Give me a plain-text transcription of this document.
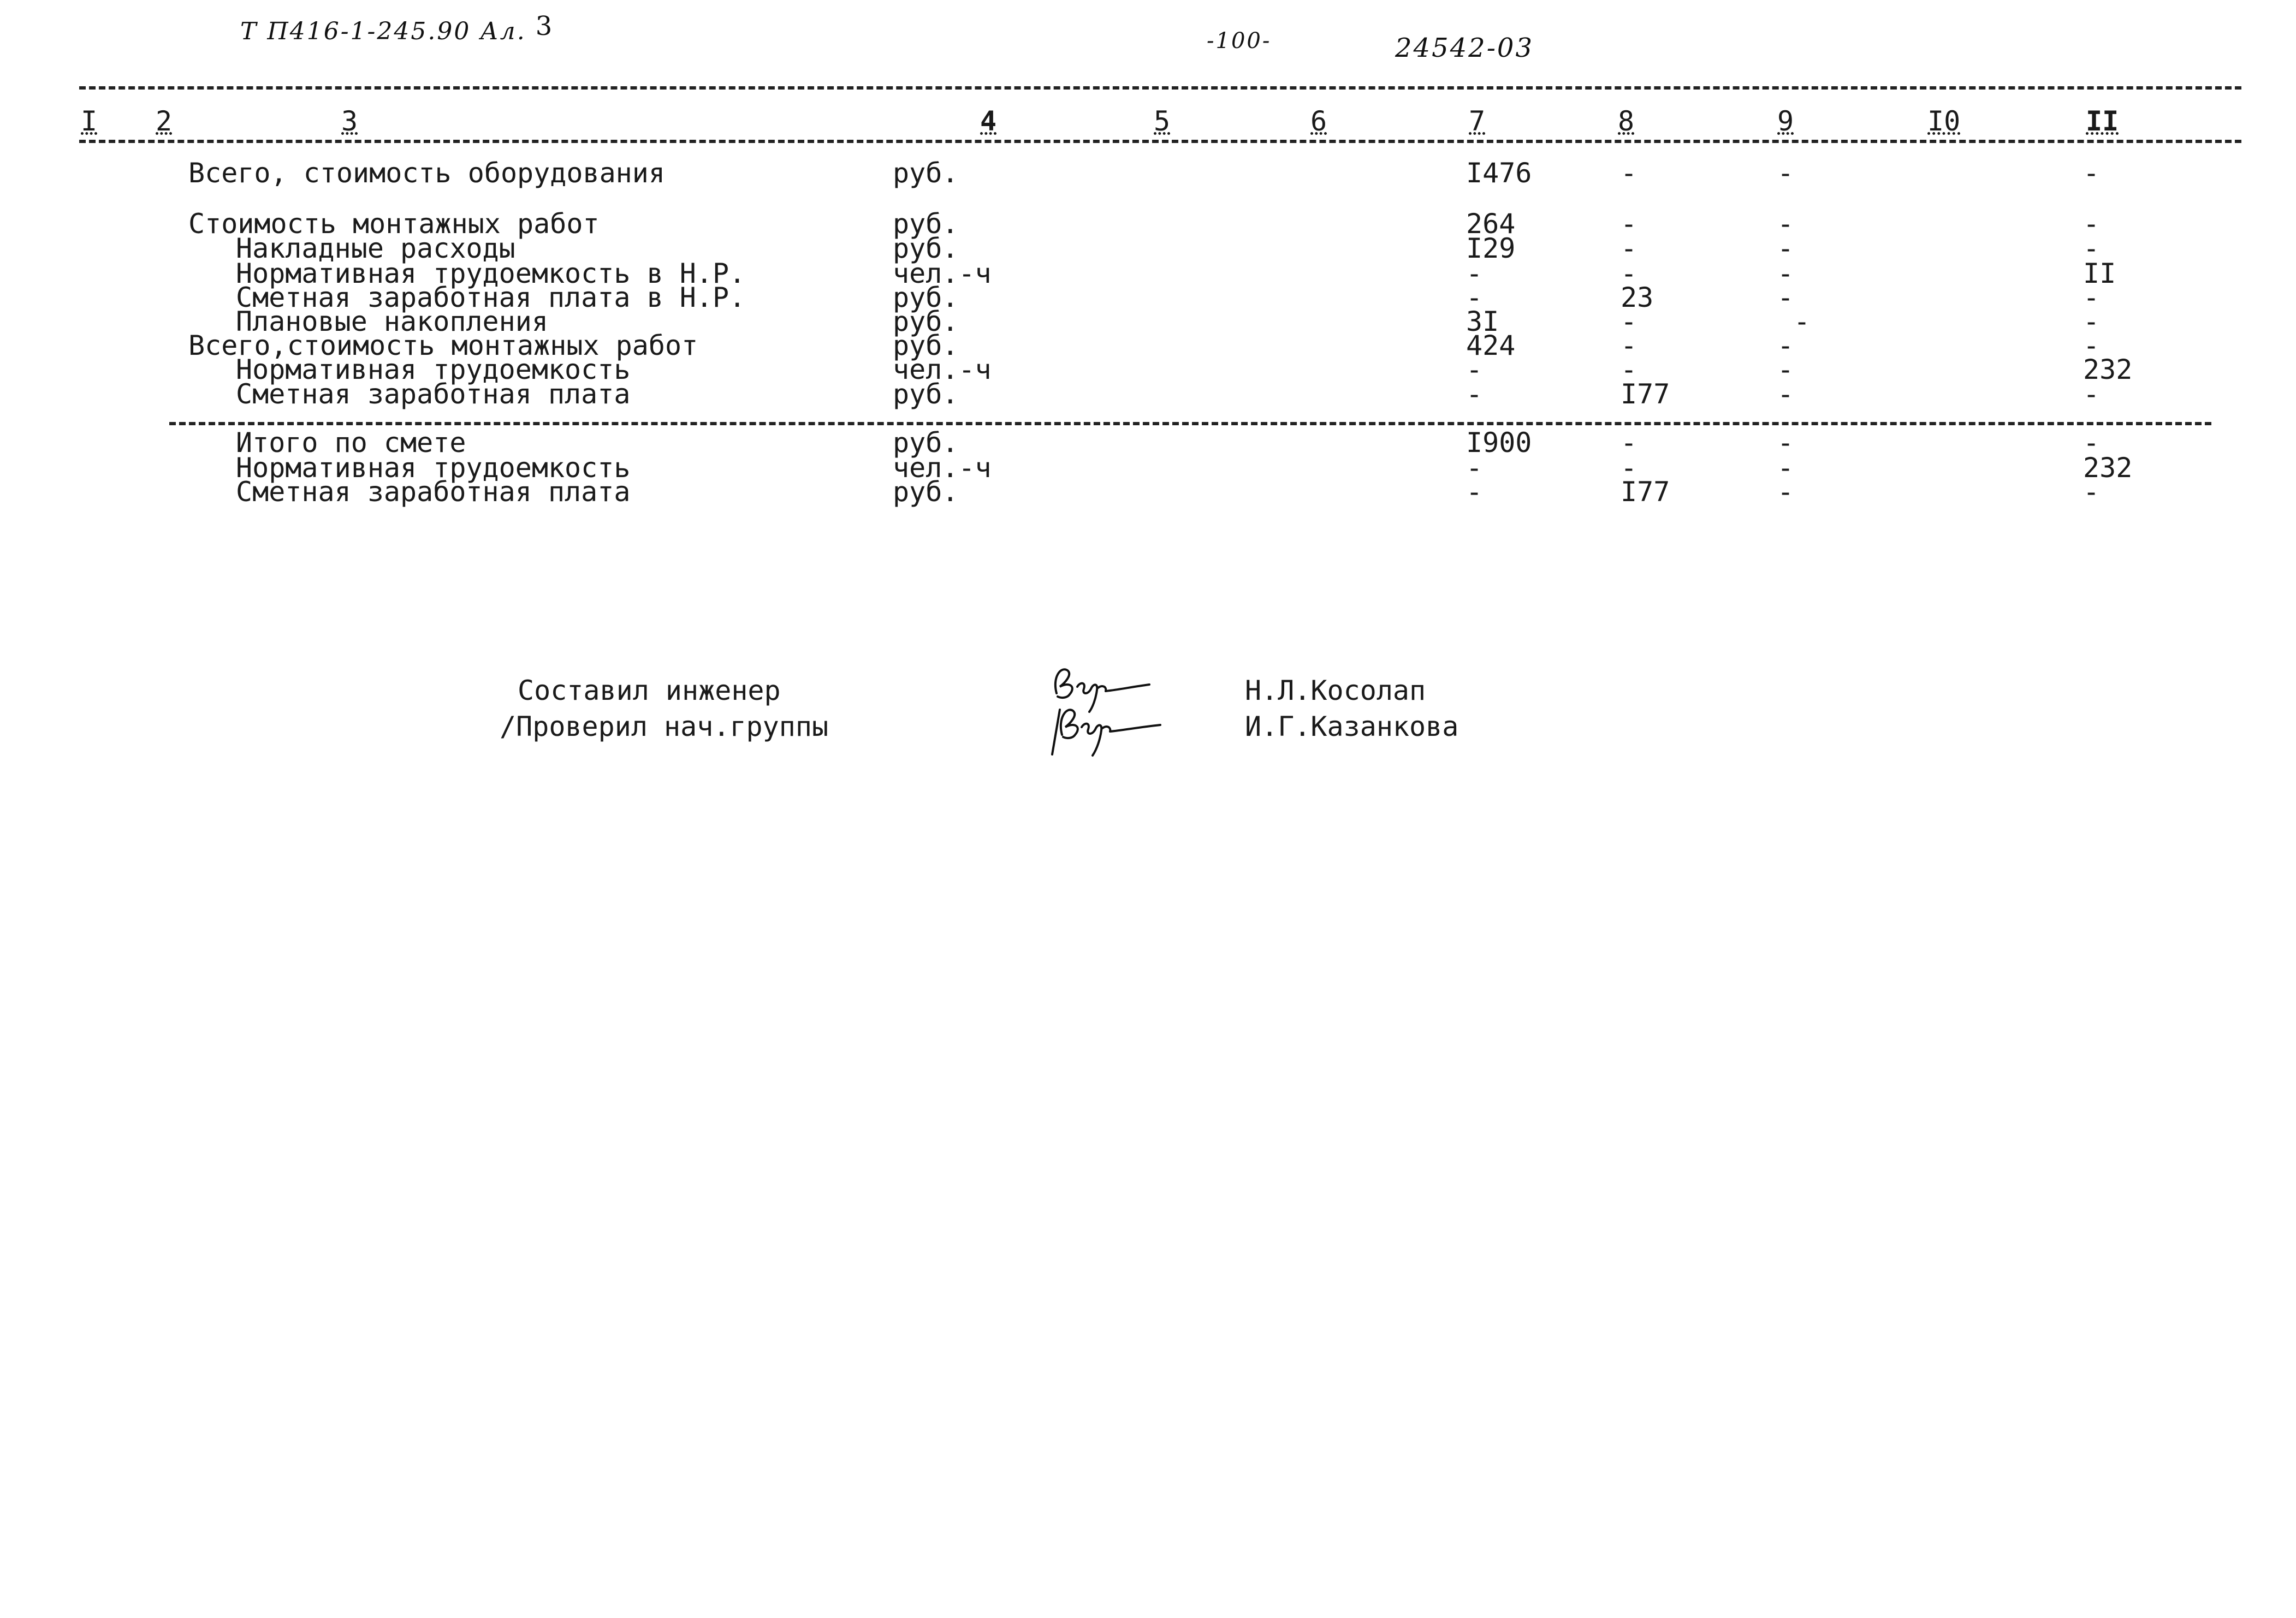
Т П416-1-245.90 Ал. 3	-100-	24542-03
I 2	3	4	5	6	7	8	9	I0	II
Всего, стоимость оборудования	руб.	I476	-	-	-
Стоимость монтажных работ	руб.	264	-	-	-
Накладные расходы	руб.	I29	-	-	-
Нормативная трудоемкость в Н.Р.	чел.-ч	-	-	-	II
Сметная заработная плата в Н.Р.	руб.	-	23	-	-
Плановые накопления	руб.	3I	-	-	-
Всего,стоимость монтажных работ	руб.	424	-	-	-
Нормативная трудоемкость	чел.-ч	-	-	-	232
Сметная заработная плата	руб.	-	I77	-	-
Итого по смете	руб.	I900	-	-	-
Нормативная трудоемкость	чел.-ч	-	-	-	232
Сметная заработная плата	руб.	-	I77	-	-
Составил инженер
/Проверил нач.группы
Н.Л.Косолап
И.Г.Казанкова
